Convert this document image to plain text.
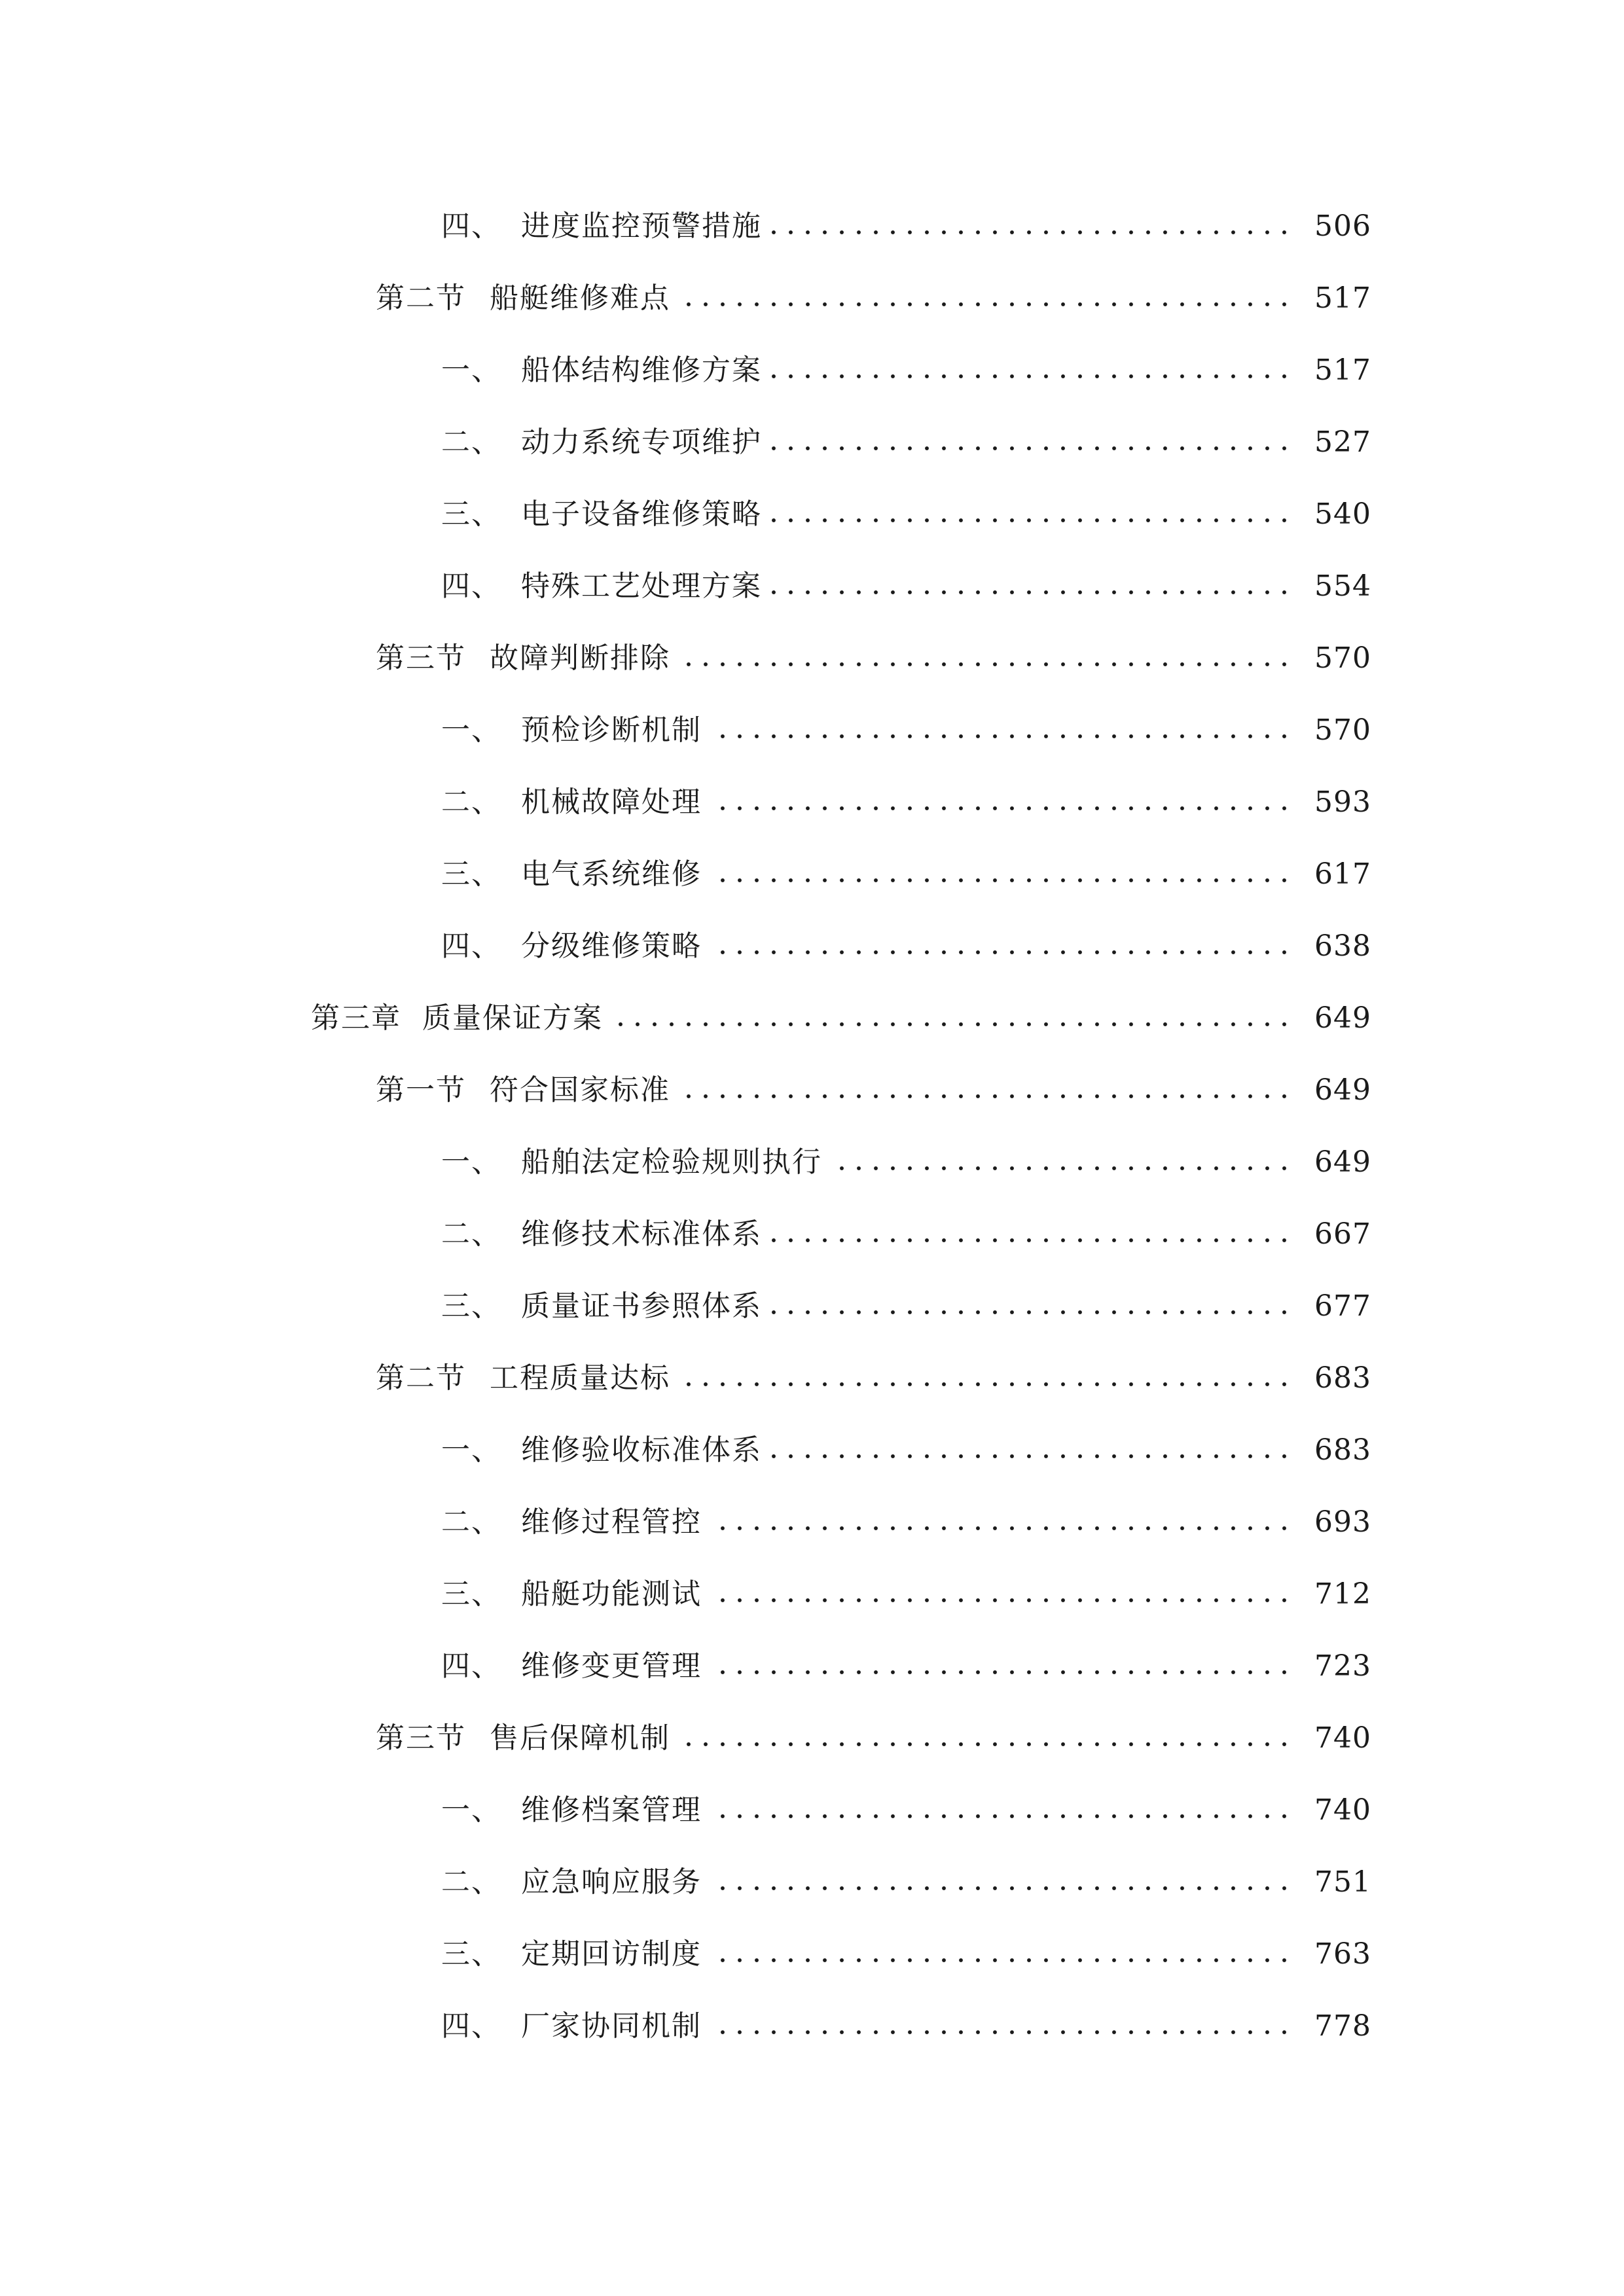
四、 进度监控预警措施	506
第二节 船艇维修难点	517
一、 船体结构维修方案	517
二、 动力系统专项维护	527
三、 电子设备维修策略	540
四、 特殊工艺处理方案	554
第三节 故障判断排除	570
一、 预检诊断机制	570
二、 机械故障处理	593
三、 电气系统维修	617
四、 分级维修策略	638
第三章 质量保证方案	649
第一节 符合国家标准	649
一、 船舶法定检验规则执行	649
二、 维修技术标准体系	667
三、 质量证书参照体系	677
第二节 工程质量达标	683
一、 维修验收标准体系	683
二、 维修过程管控	693
三、 船艇功能测试	712
四、 维修变更管理	723
第三节 售后保障机制	740
一、 维修档案管理	740
二、 应急响应服务	751
三、 定期回访制度	763
四、 厂家协同机制	778
